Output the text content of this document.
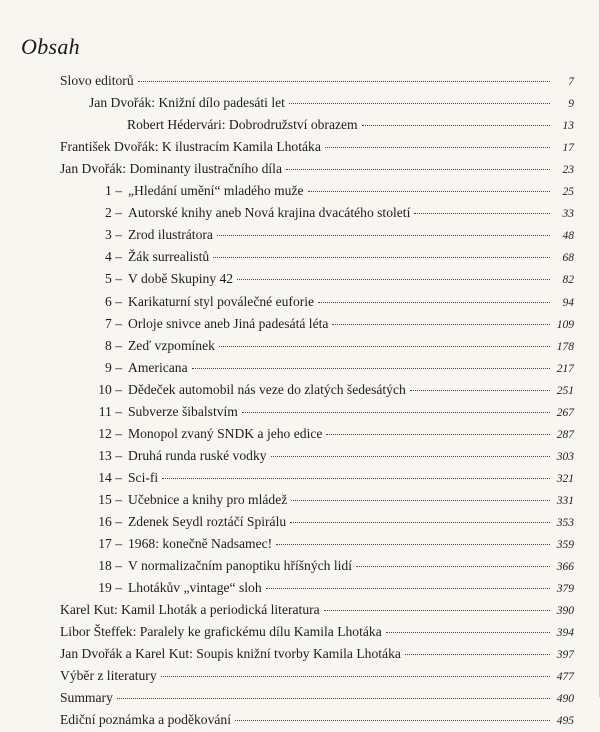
Obsah
Slovo editorů	7
Jan Dvořák: Knižní dílo padesáti let	9
Robert Hédervári: Dobrodružství obrazem	13
František Dvořák: K ilustracím Kamila Lhotáka	17
Jan Dvořák: Dominanty ilustračního díla	23
1 – „Hledání umění“ mladého muže	25
2 – Autorské knihy aneb Nová krajina dvacátého století	33
3 – Zrod ilustrátora	48
4 – Žák surrealistů	68
5 – V době Skupiny 42	82
6 – Karikaturní styl poválečné euforie	94
7 – Orloje snivce aneb Jiná padesátá léta	109
8 – Zeď vzpomínek	178
9 – Americana	217
10 – Dědeček automobil nás veze do zlatých šedesátých	251
11 – Subverze šibalstvím	267
12 – Monopol zvaný SNDK a jeho edice	287
13 – Druhá runda ruské vodky	303
14 – Sci-fi	321
15 – Učebnice a knihy pro mládež	331
16 – Zdenek Seydl roztáčí Spirálu	353
17 – 1968: konečně Nadsamec!	359
18 – V normalizačním panoptiku hříšných lidí	366
19 – Lhotákův „vintage“ sloh	379
Karel Kut: Kamil Lhoták a periodická literatura	390
Libor Šteffek: Paralely ke grafickému dílu Kamila Lhotáka	394
Jan Dvořák a Karel Kut: Soupis knižní tvorby Kamila Lhotáka	397
Výběr z literatury	477
Summary	490
Ediční poznámka a poděkování	495
